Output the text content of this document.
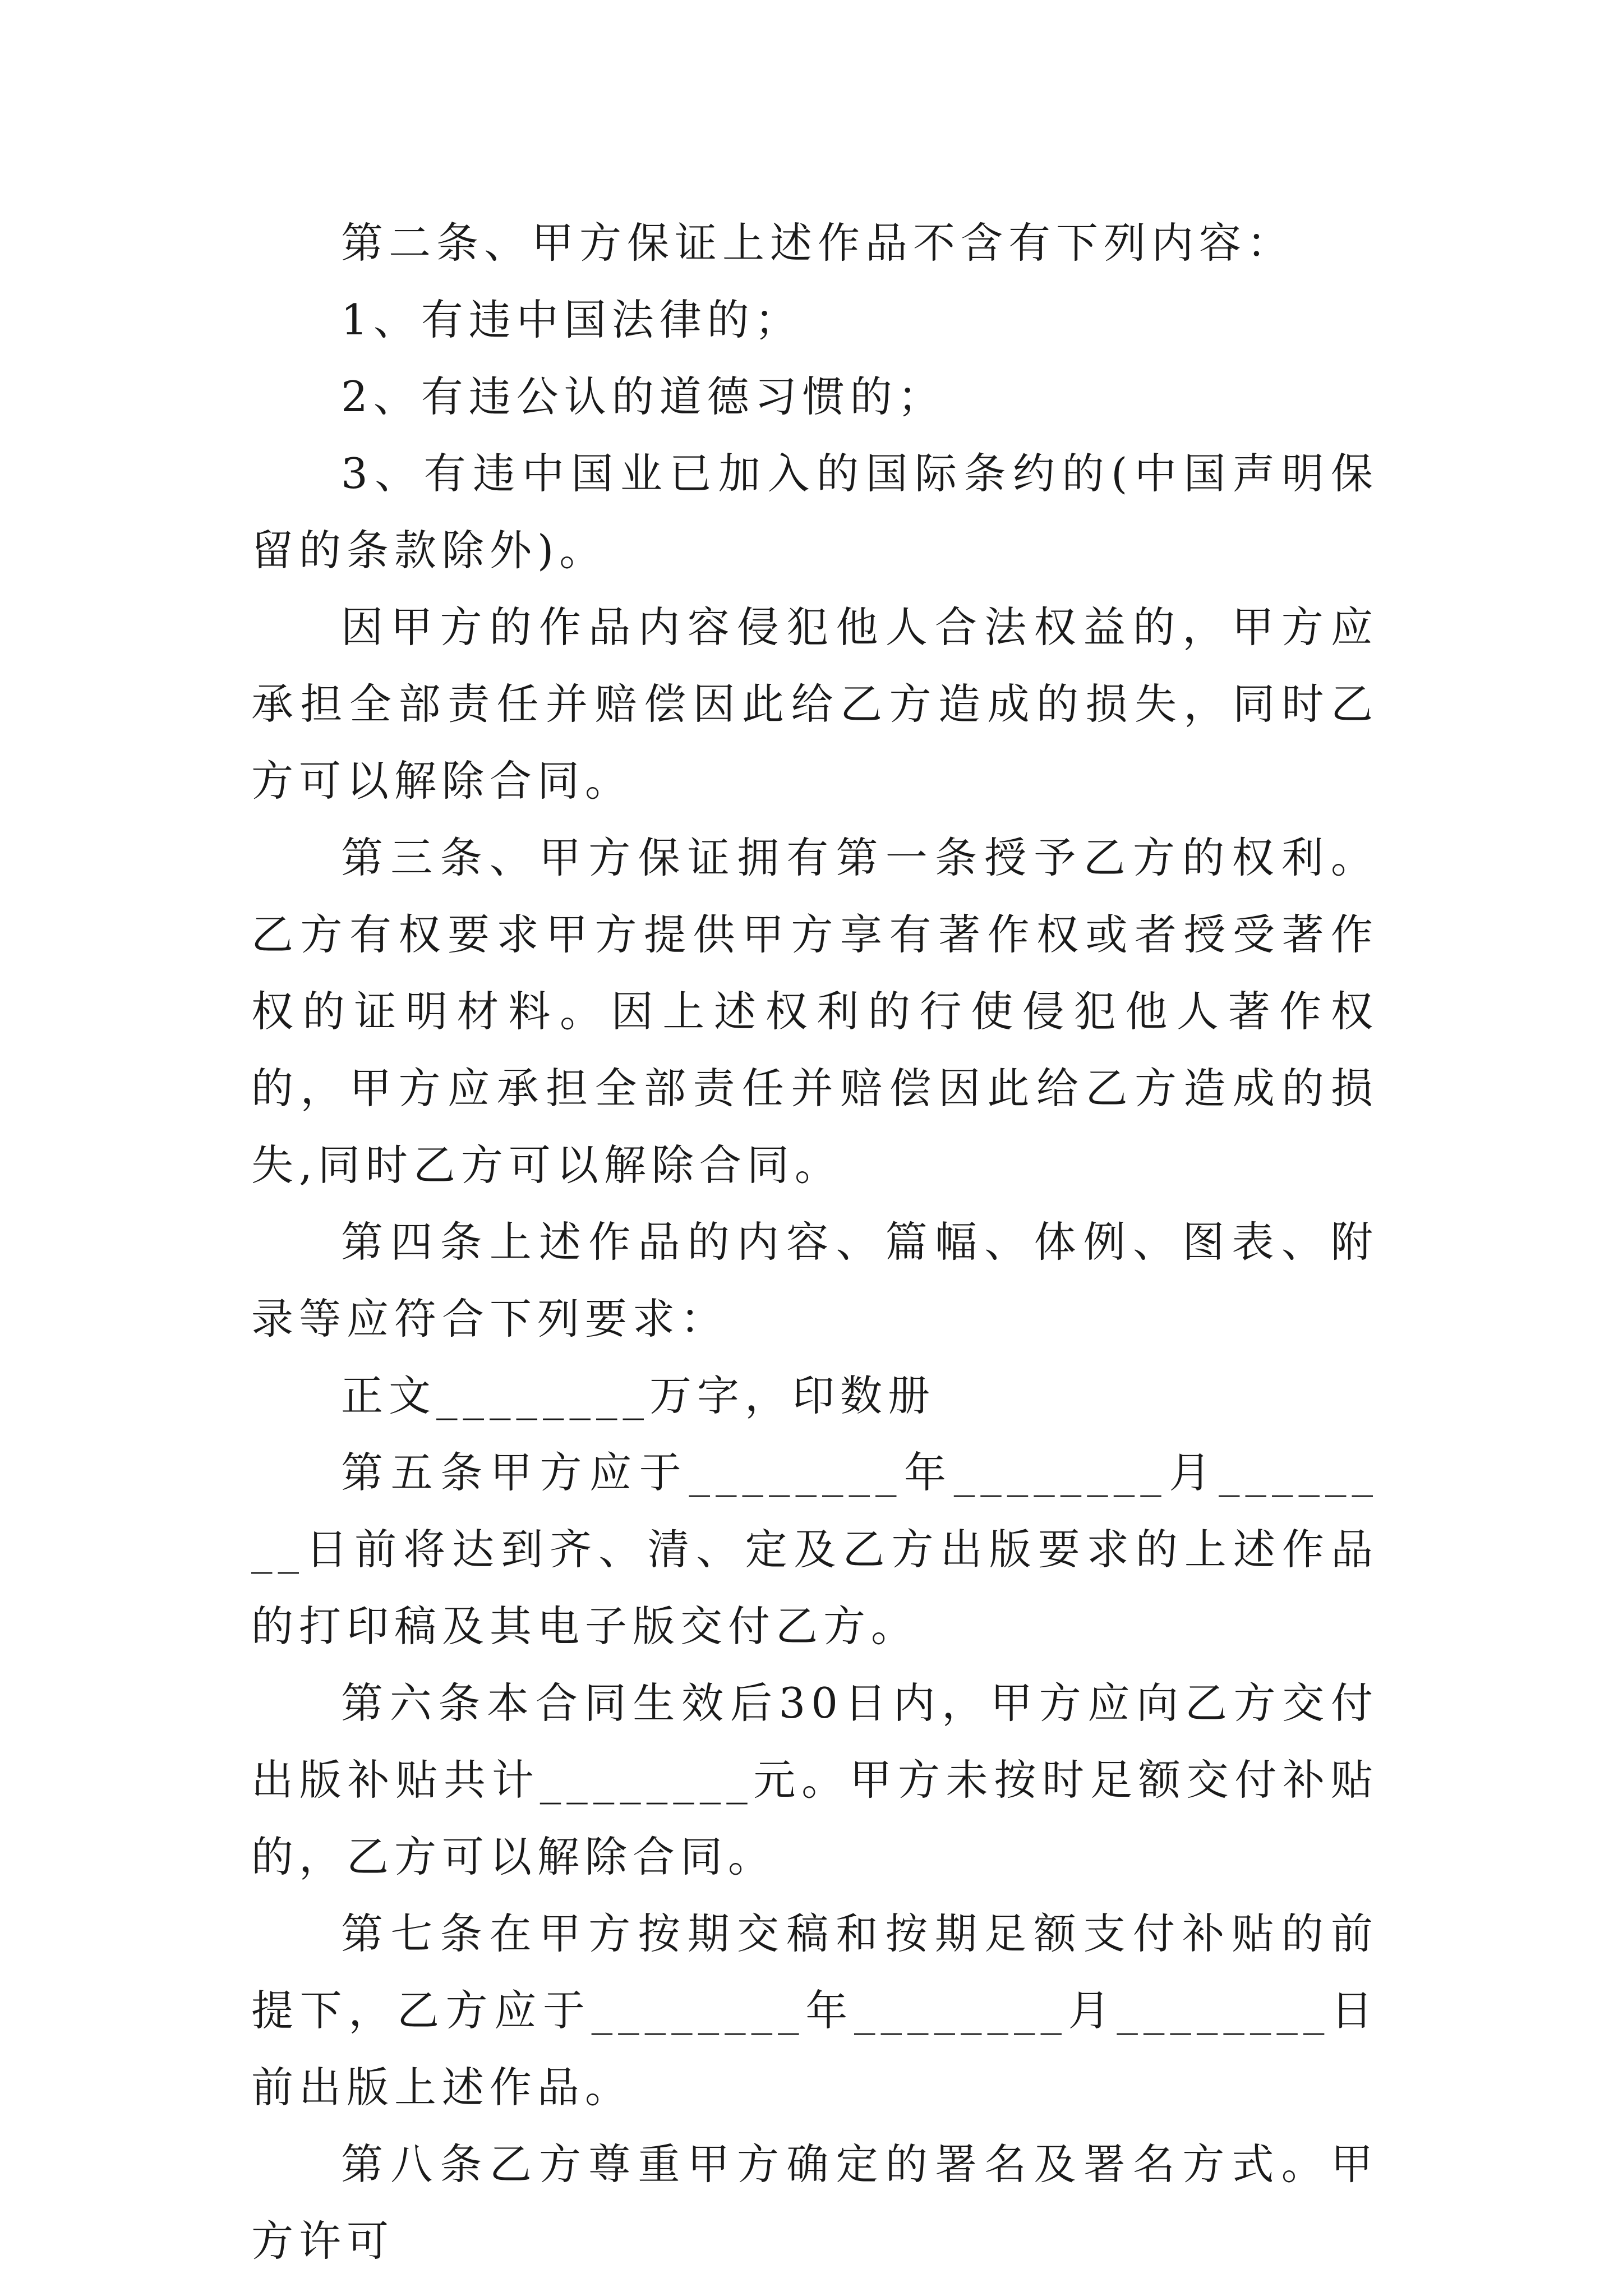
第二条、甲方保证上述作品不含有下列内容：

1、有违中国法律的；

2、有违公认的道德习惯的；

3、有违中国业已加入的国际条约的(中国声明保留的条款除外)。

因甲方的作品内容侵犯他人合法权益的，甲方应承担全部责任并赔偿因此给乙方造成的损失，同时乙方可以解除合同。

第三条、甲方保证拥有第一条授予乙方的权利。乙方有权要求甲方提供甲方享有著作权或者授受著作权的证明材料。因上述权利的行使侵犯他人著作权的，甲方应承担全部责任并赔偿因此给乙方造成的损失,同时乙方可以解除合同。

第四条上述作品的内容、篇幅、体例、图表、附录等应符合下列要求：

正文________万字，印数册

第五条甲方应于________年________月________日前将达到齐、清、定及乙方出版要求的上述作品的打印稿及其电子版交付乙方。

第六条本合同生效后30日内，甲方应向乙方交付出版补贴共计________元。甲方未按时足额交付补贴的，乙方可以解除合同。

第七条在甲方按期交稿和按期足额支付补贴的前提下，乙方应于________年________月________日前出版上述作品。

第八条乙方尊重甲方确定的署名及署名方式。甲方许可
